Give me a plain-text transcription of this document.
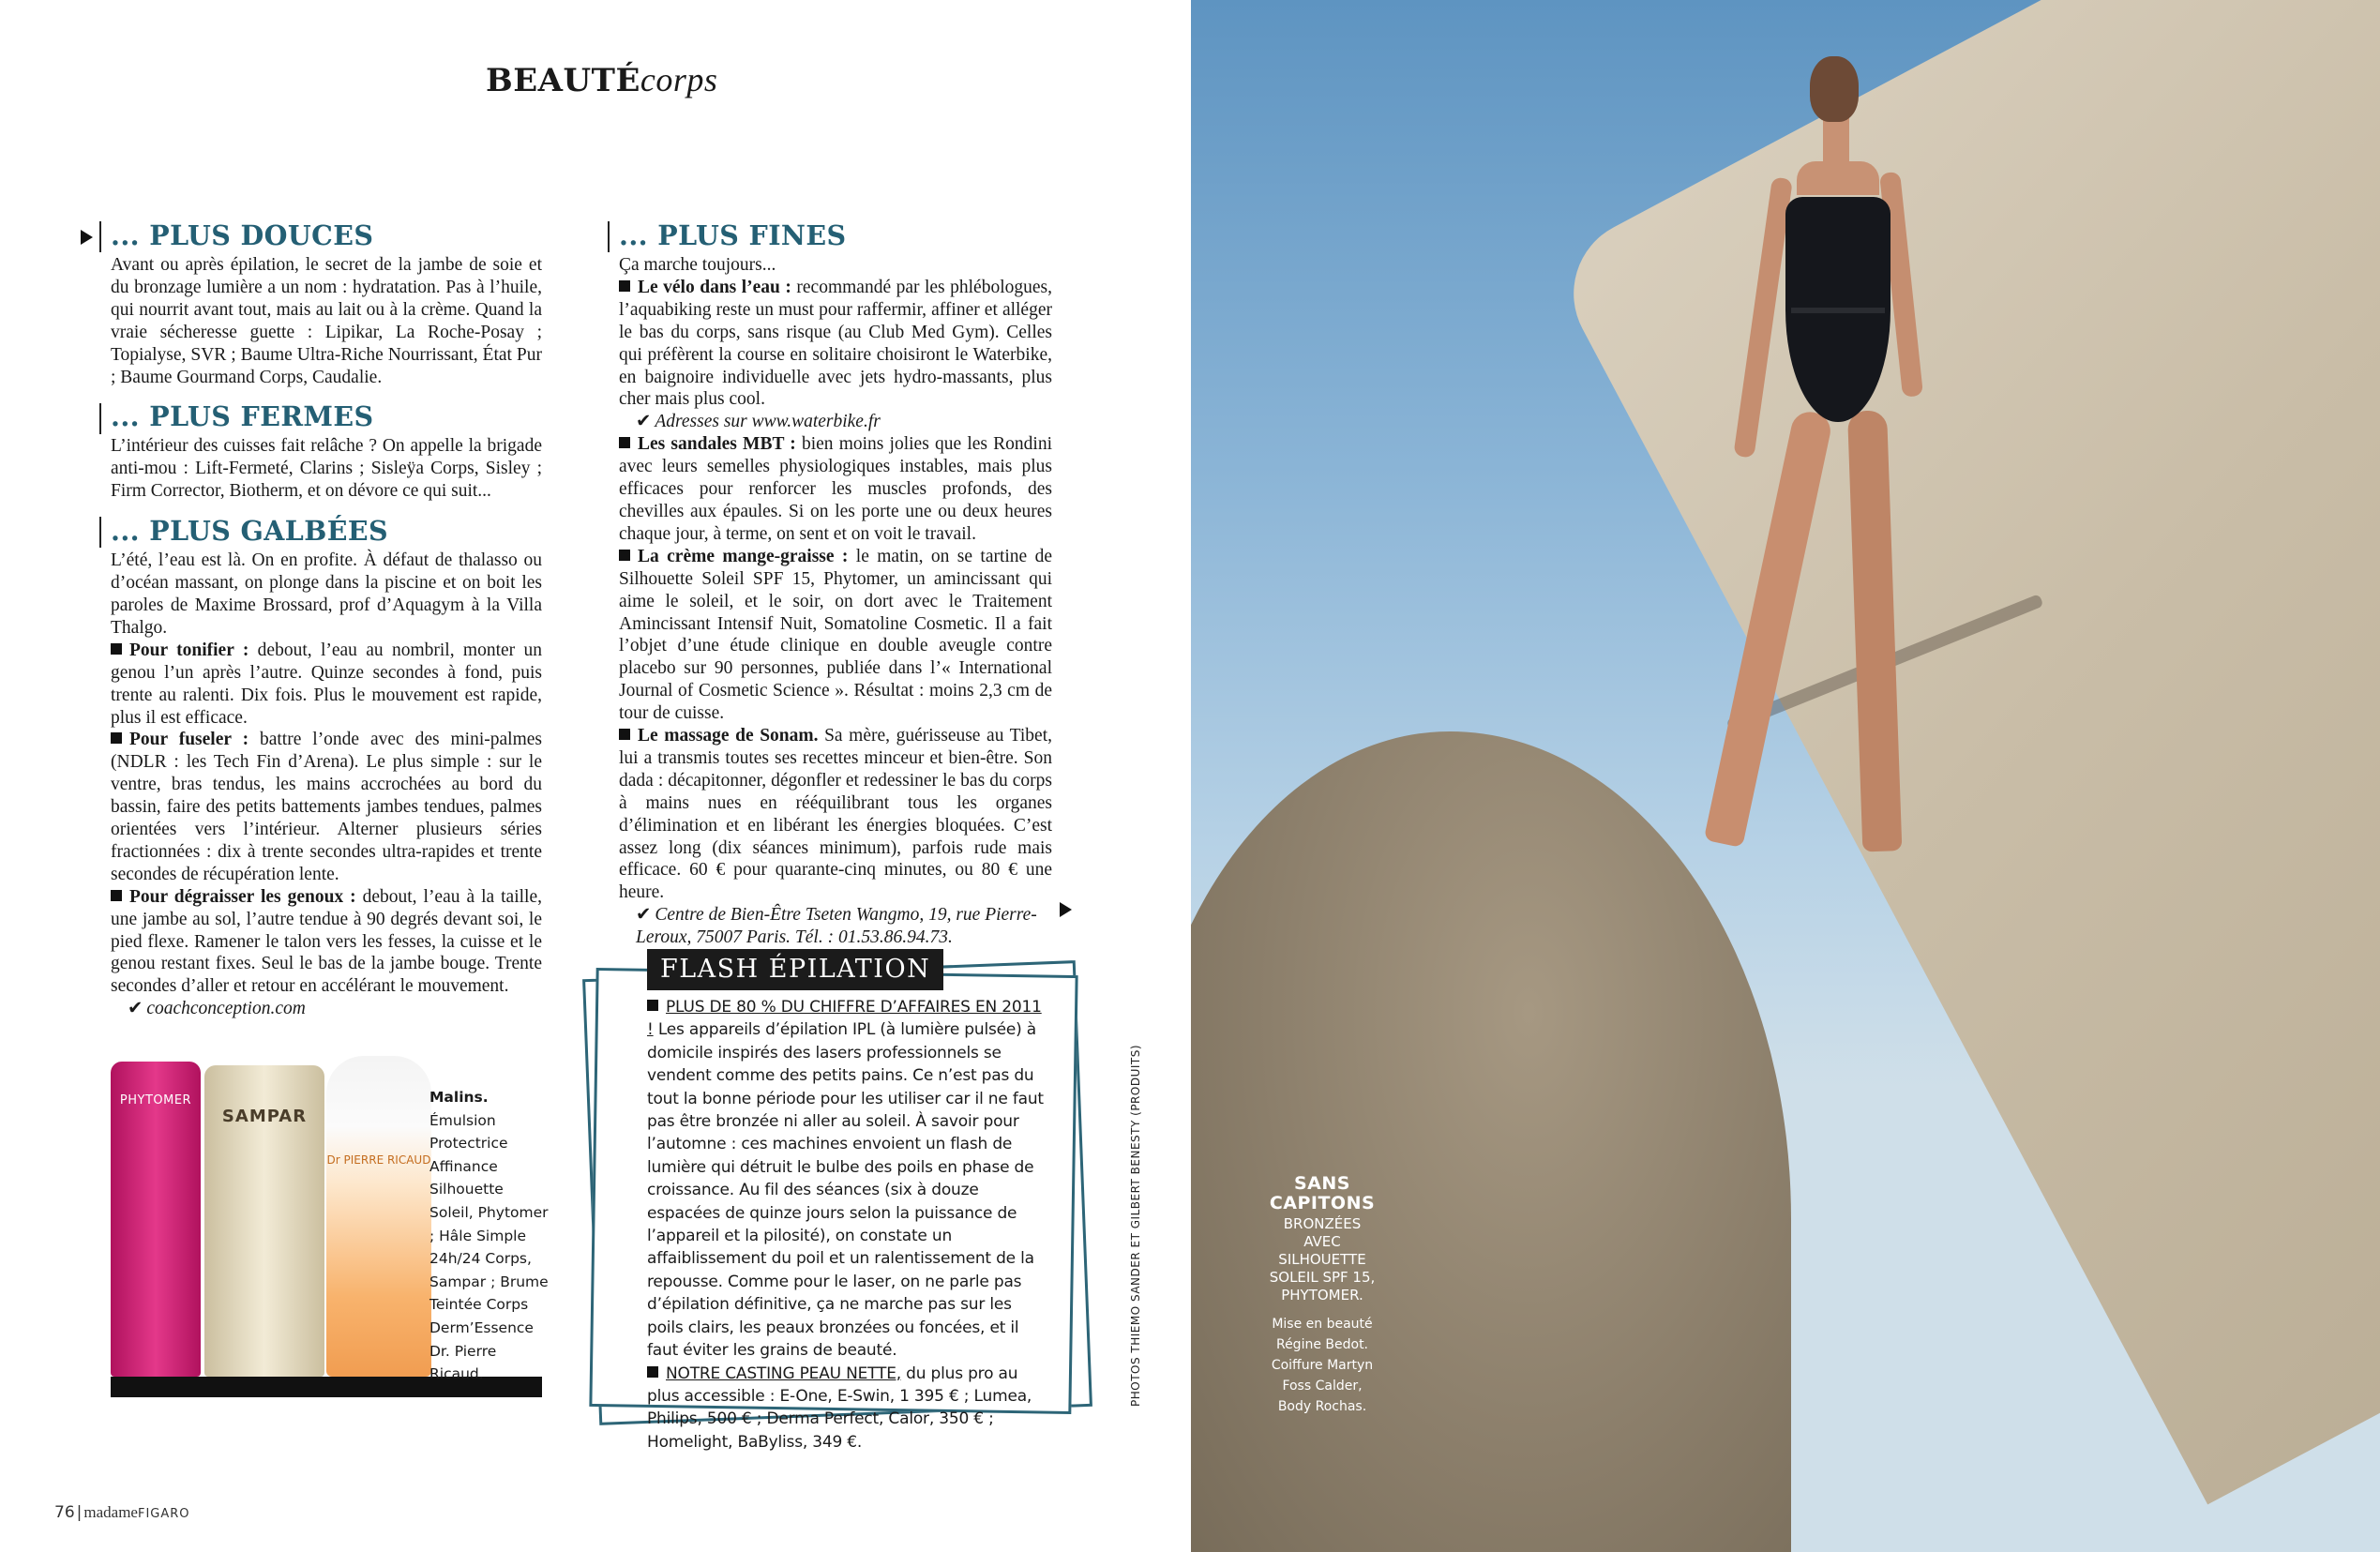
BEAUTÉcorps
... PLUS DOUCES

Avant ou après épilation, le secret de la jambe de soie et du bronzage lumière a un nom : hydratation. Pas à l’huile, qui nourrit avant tout, mais au lait ou à la crème. Quand la vraie sécheresse guette : Lipikar, La Roche-Posay ; Topialyse, SVR ; Baume Ultra-Riche Nourrissant, État Pur ; Baume Gourmand Corps, Caudalie.

... PLUS FERMES

L’intérieur des cuisses fait relâche ? On appelle la brigade anti-mou : Lift-Fermeté, Clarins ; Sisleÿa Corps, Sisley ; Firm Corrector, Biotherm, et on dévore ce qui suit...

... PLUS GALBÉES

L’été, l’eau est là. On en profite. À défaut de thalasso ou d’océan massant, on plonge dans la piscine et on boit les paroles de Maxime Brossard, prof d’Aquagym à la Villa Thalgo.

Pour tonifier : debout, l’eau au nombril, monter un genou l’un après l’autre. Quinze secondes à fond, puis trente au ralenti. Dix fois. Plus le mouvement est rapide, plus il est efficace.

Pour fuseler : battre l’onde avec des mini-palmes (NDLR : les Tech Fin d’Arena). Le plus simple : sur le ventre, bras tendus, les mains accrochées au bord du bassin, faire des petits battements jambes tendues, palmes orientées vers l’intérieur. Alterner plusieurs séries fractionnées : dix à trente secondes ultra-rapides et trente secondes de récupération lente.

Pour dégraisser les genoux : debout, l’eau à la taille, une jambe au sol, l’autre tendue à 90 degrés devant soi, le pied flexe. Ramener le talon vers les fesses, la cuisse et le genou restant fixes. Seul le bas de la jambe bouge. Trente secondes d’aller et retour en accélérant le mouvement.

✔ coachconception.com

... PLUS FINES

Ça marche toujours...

Le vélo dans l’eau : recommandé par les phlébologues, l’aquabiking reste un must pour raffermir, affiner et alléger le bas du corps, sans risque (au Club Med Gym). Celles qui préfèrent la course en solitaire choisiront le Waterbike, en baignoire individuelle avec jets hydro-massants, plus cher mais plus cool.

✔ Adresses sur www.waterbike.fr

Les sandales MBT : bien moins jolies que les Rondini avec leurs semelles physiologiques instables, mais plus efficaces pour renforcer les muscles profonds, des chevilles aux épaules. Si on les porte une ou deux heures chaque jour, à terme, on sent et on voit le travail.

La crème mange-graisse : le matin, on se tartine de Silhouette Soleil SPF 15, Phytomer, un amincissant qui aime le soleil, et le soir, on dort avec le Traitement Amincissant Intensif Nuit, Somatoline Cosmetic. Il a fait l’objet d’une étude clinique en double aveugle contre placebo sur 90 personnes, publiée dans l’« International Journal of Cosmetic Science ». Résultat : moins 2,3 cm de tour de cuisse.

Le massage de Sonam. Sa mère, guérisseuse au Tibet, lui a transmis toutes ses recettes minceur et bien-être. Son dada : décapitonner, dégonfler et redessiner le bas du corps à mains nues en rééquilibrant tous les organes d’élimination et en libérant les énergies bloquées. C’est assez long (dix séances minimum), parfois rude mais efficace. 60 € pour quarante-cinq minutes, ou 80 € une heure.

✔ Centre de Bien-Être Tseten Wangmo, 19, rue Pierre-Leroux, 75007 Paris. Tél. : 01.53.86.94.73.

FLASH ÉPILATION
PLUS DE 80 % DU CHIFFRE D’AFFAIRES EN 2011 ! Les appareils d’épilation IPL (à lumière pulsée) à domicile inspirés des lasers professionnels se vendent comme des petits pains. Ce n’est pas du tout la bonne période pour les utiliser car il ne faut pas être bronzée ni aller au soleil. À savoir pour l’automne : ces machines envoient un flash de lumière qui détruit le bulbe des poils en phase de croissance. Au fil des séances (six à douze espacées de quinze jours selon la puissance de l’appareil et la pilosité), on constate un affaiblissement du poil et un ralentissement de la repousse. Comme pour le laser, on ne parle pas d’épilation définitive, ça ne marche pas sur les poils clairs, les peaux bronzées ou foncées, et il faut éviter les grains de beauté.
NOTRE CASTING PEAU NETTE, du plus pro au plus accessible : E-One, E-Swin, 1 395 € ; Lumea, Philips, 500 € ; Derma Perfect, Calor, 350 € ; Homelight, BaByliss, 349 €.
PHYTOMER
SAMPAR
Dr PIERRE RICAUD
Malins.
Émulsion Protectrice Affinance Silhouette Soleil, Phytomer ; Hâle Simple 24h/24 Corps, Sampar ; Brume Teintée Corps Derm’Essence Dr. Pierre Ricaud.	PHOTOS THIEMO SANDER ET GILBERT BENESTY (PRODUITS)
76 | madameFIGARO
SANS CAPITONS
BRONZÉES AVEC SILHOUETTE SOLEIL SPF 15, PHYTOMER.
Mise en beauté Régine Bedot. Coiffure Martyn Foss Calder, Body Rochas.
